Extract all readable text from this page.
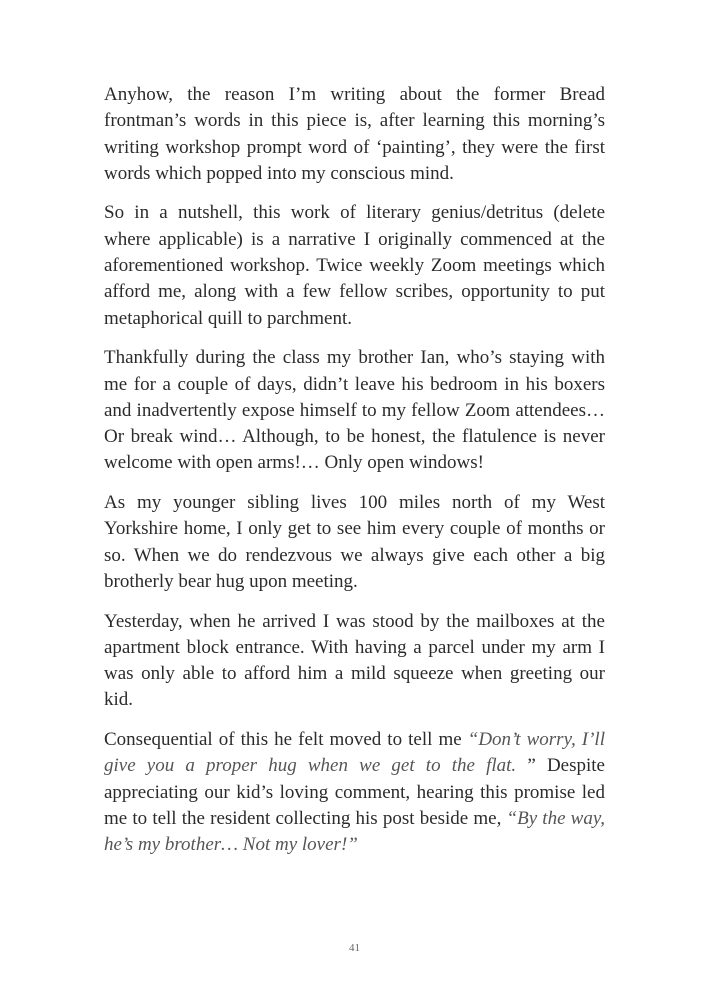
Anyhow, the reason I’m writing about the former Bread frontman’s words in this piece is, after learning this morning’s writing workshop prompt word of ‘painting’, they were the first words which popped into my conscious mind.

So in a nutshell, this work of literary genius/detritus (delete where applicable) is a narrative I originally commenced at the aforementioned workshop. Twice weekly Zoom meetings which afford me, along with a few fellow scribes, opportunity to put metaphorical quill to parchment.

Thankfully during the class my brother Ian, who’s staying with me for a couple of days, didn’t leave his bedroom in his boxers and inadvertently expose himself to my fellow Zoom attendees… Or break wind… Although, to be honest, the flatulence is never welcome with open arms!… Only open windows!

As my younger sibling lives 100 miles north of my West Yorkshire home, I only get to see him every couple of months or so. When we do rendezvous we always give each other a big brotherly bear hug upon meeting.

Yesterday, when he arrived I was stood by the mailboxes at the apartment block entrance. With having a parcel under my arm I was only able to afford him a mild squeeze when greeting our kid.

Consequential of this he felt moved to tell me “Don’t worry, I’ll give you a proper hug when we get to the flat. ” Despite appreciating our kid’s loving comment, hearing this promise led me to tell the resident collecting his post beside me, “By the way, he’s my brother… Not my lover!”

41
